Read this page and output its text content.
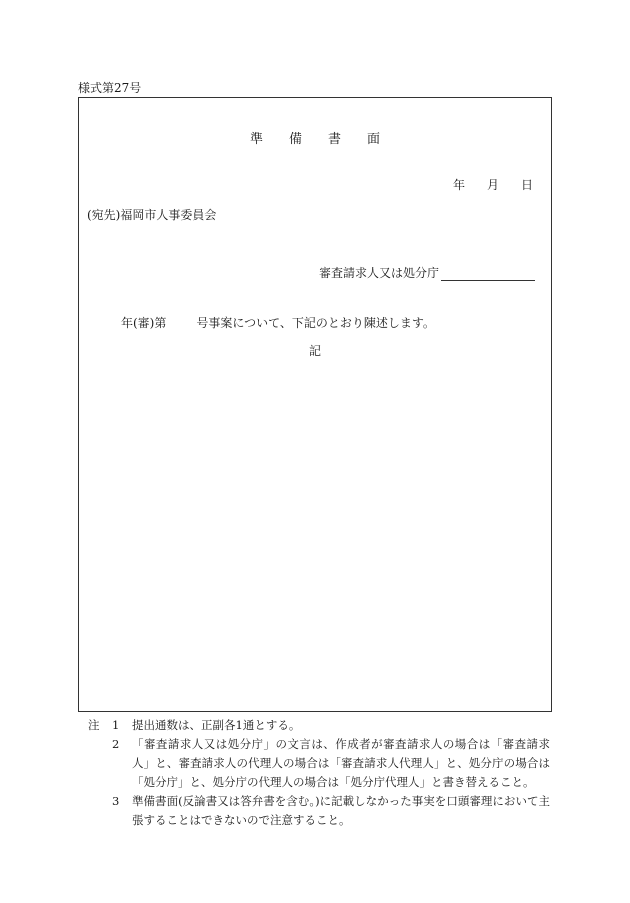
様式第27号
準備書面
年 月 日
(宛先)福岡市人事委員会
審査請求人又は処分庁
年(審)第	号事案について、下記のとおり陳述します。
記
注 1 提出通数は、正副各1通とする。
2 「審査請求人又は処分庁」の文言は、作成者が審査請求人の場合は「審査請求人」と、審査請求人の代理人の場合は「審査請求人代理人」と、処分庁の場合は「処分庁」と、処分庁の代理人の場合は「処分庁代理人」と書き替えること。
3 準備書面(反論書又は答弁書を含む。)に記載しなかった事実を口頭審理において主張することはできないので注意すること。
